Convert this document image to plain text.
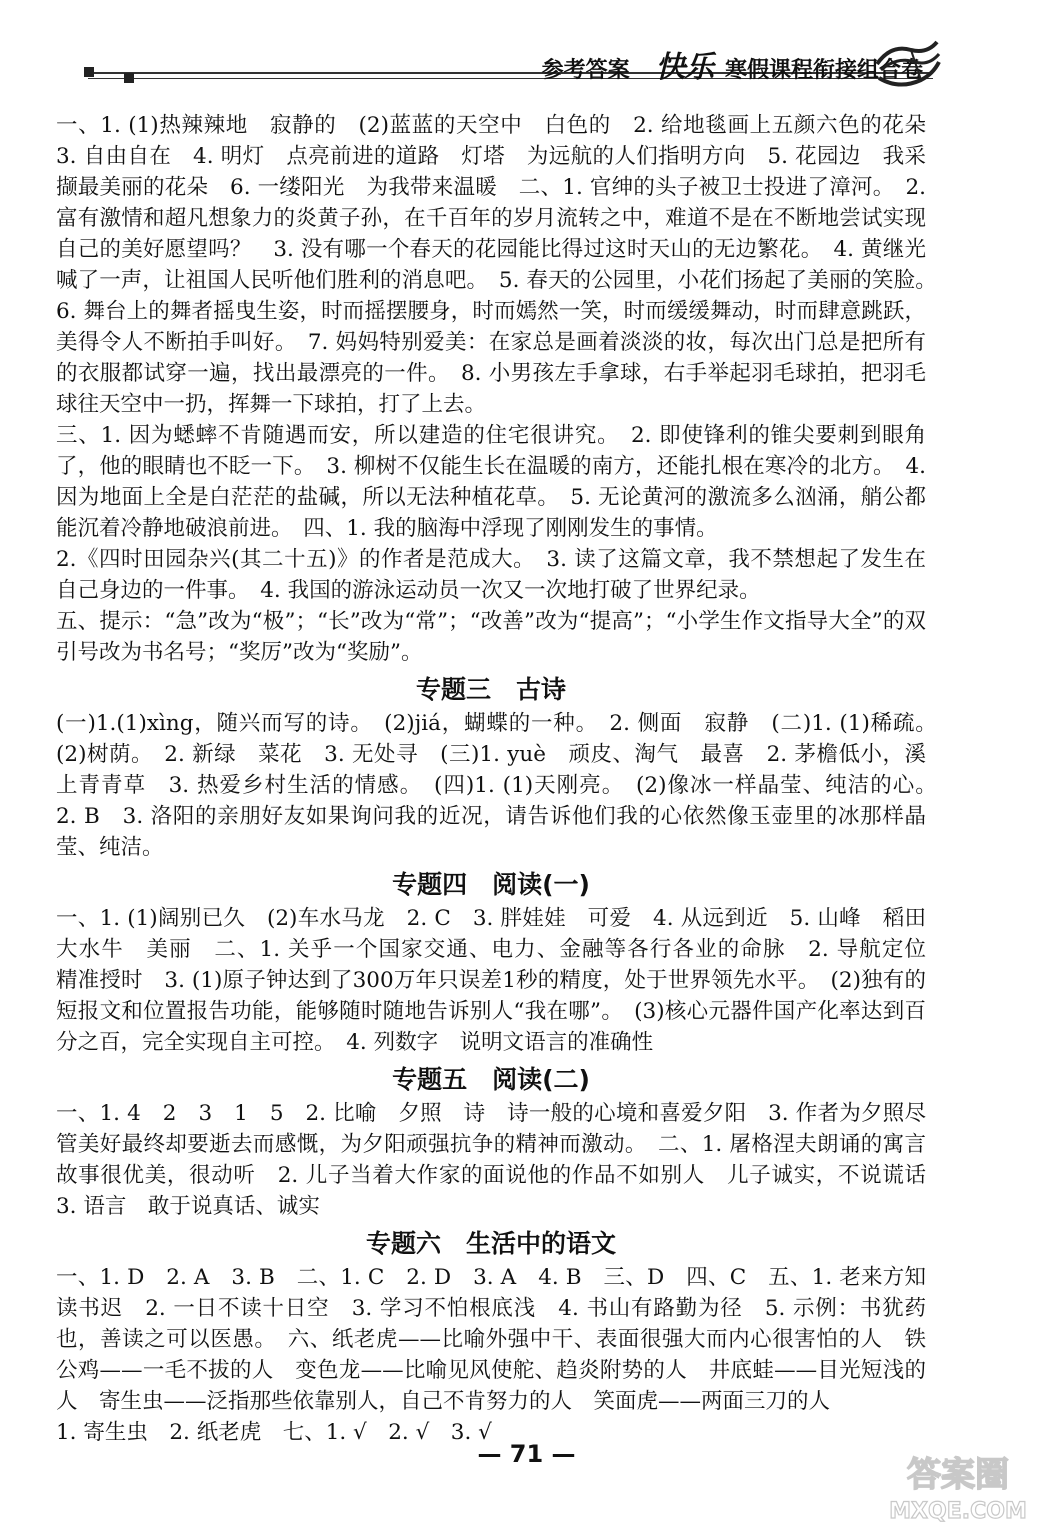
参考答案 快乐 寒假课程衔接组合卷

一、1. (1)热辣辣地　寂静的　(2)蓝蓝的天空中　白色的　2. 给地毯画上五颜六色的花朵　3. 自由自在　4. 明灯　点亮前进的道路　灯塔　为远航的人们指明方向　5. 花园边　我采撷最美丽的花朵　6. 一缕阳光　为我带来温暖　二、1. 官绅的头子被卫士投进了漳河。　2. 富有激情和超凡想象力的炎黄子孙，在千百年的岁月流转之中，难道不是在不断地尝试实现自己的美好愿望吗？　3. 没有哪一个春天的花园能比得过这时天山的无边繁花。　4. 黄继光喊了一声，让祖国人民听他们胜利的消息吧。　5. 春天的公园里，小花们扬起了美丽的笑脸。　6. 舞台上的舞者摇曳生姿，时而摇摆腰身，时而嫣然一笑，时而缓缓舞动，时而肆意跳跃，美得令人不断拍手叫好。　7. 妈妈特别爱美：在家总是画着淡淡的妆，每次出门总是把所有的衣服都试穿一遍，找出最漂亮的一件。　8. 小男孩左手拿球，右手举起羽毛球拍，把羽毛球往天空中一扔，挥舞一下球拍，打了上去。

三、1. 因为蟋蟀不肯随遇而安，所以建造的住宅很讲究。　2. 即使锋利的锥尖要刺到眼角了，他的眼睛也不眨一下。　3. 柳树不仅能生长在温暖的南方，还能扎根在寒冷的北方。　4. 因为地面上全是白茫茫的盐碱，所以无法种植花草。　5. 无论黄河的激流多么汹涌，艄公都能沉着冷静地破浪前进。　四、1. 我的脑海中浮现了刚刚发生的事情。

2.《四时田园杂兴(其二十五)》的作者是范成大。　3. 读了这篇文章，我不禁想起了发生在自己身边的一件事。　4. 我国的游泳运动员一次又一次地打破了世界纪录。

五、提示：“急”改为“极”；“长”改为“常”；“改善”改为“提高”；“小学生作文指导大全”的双引号改为书名号；“奖厉”改为“奖励”。

专题三　古诗

(一)1.(1)xìng，随兴而写的诗。　(2)jiá，蝴蝶的一种。　2. 侧面　寂静　(二)1. (1)稀疏。　(2)树荫。　2. 新绿　菜花　3. 无处寻　(三)1. yuè　顽皮、淘气　最喜　2. 茅檐低小，溪上青青草　3. 热爱乡村生活的情感。　(四)1. (1)天刚亮。　(2)像冰一样晶莹、纯洁的心。　2. B　3. 洛阳的亲朋好友如果询问我的近况，请告诉他们我的心依然像玉壶里的冰那样晶莹、纯洁。

专题四　阅读(一)

一、1. (1)阔别已久　(2)车水马龙　2. C　3. 胖娃娃　可爱　4. 从远到近　5. 山峰　稻田　大水牛　美丽　二、1. 关乎一个国家交通、电力、金融等各行各业的命脉　2. 导航定位　精准授时　3. (1)原子钟达到了300万年只误差1秒的精度，处于世界领先水平。　(2)独有的短报文和位置报告功能，能够随时随地告诉别人“我在哪”。　(3)核心元器件国产化率达到百分之百，完全实现自主可控。　4. 列数字　说明文语言的准确性

专题五　阅读(二)

一、1. 4　2　3　1　5　2. 比喻　夕照　诗　诗一般的心境和喜爱夕阳　3. 作者为夕照尽管美好最终却要逝去而感慨，为夕阳顽强抗争的精神而激动。　二、1. 屠格涅夫朗诵的寓言故事很优美，很动听　2. 儿子当着大作家的面说他的作品不如别人　儿子诚实，不说谎话　3. 语言　敢于说真话、诚实

专题六　生活中的语文

一、1. D　2. A　3. B　二、1. C　2. D　3. A　4. B　三、D　四、C　五、1. 老来方知读书迟　2. 一日不读十日空　3. 学习不怕根底浅　4. 书山有路勤为径　5. 示例：书犹药也，善读之可以医愚。　六、纸老虎——比喻外强中干、表面很强大而内心很害怕的人　铁公鸡——一毛不拔的人　变色龙——比喻见风使舵、趋炎附势的人　井底蛙——目光短浅的人　寄生虫——泛指那些依靠别人，自己不肯努力的人　笑面虎——两面三刀的人

1. 寄生虫　2. 纸老虎　七、1. √　2. √　3. √

— 71 —
答案圈
MXQE.COM
